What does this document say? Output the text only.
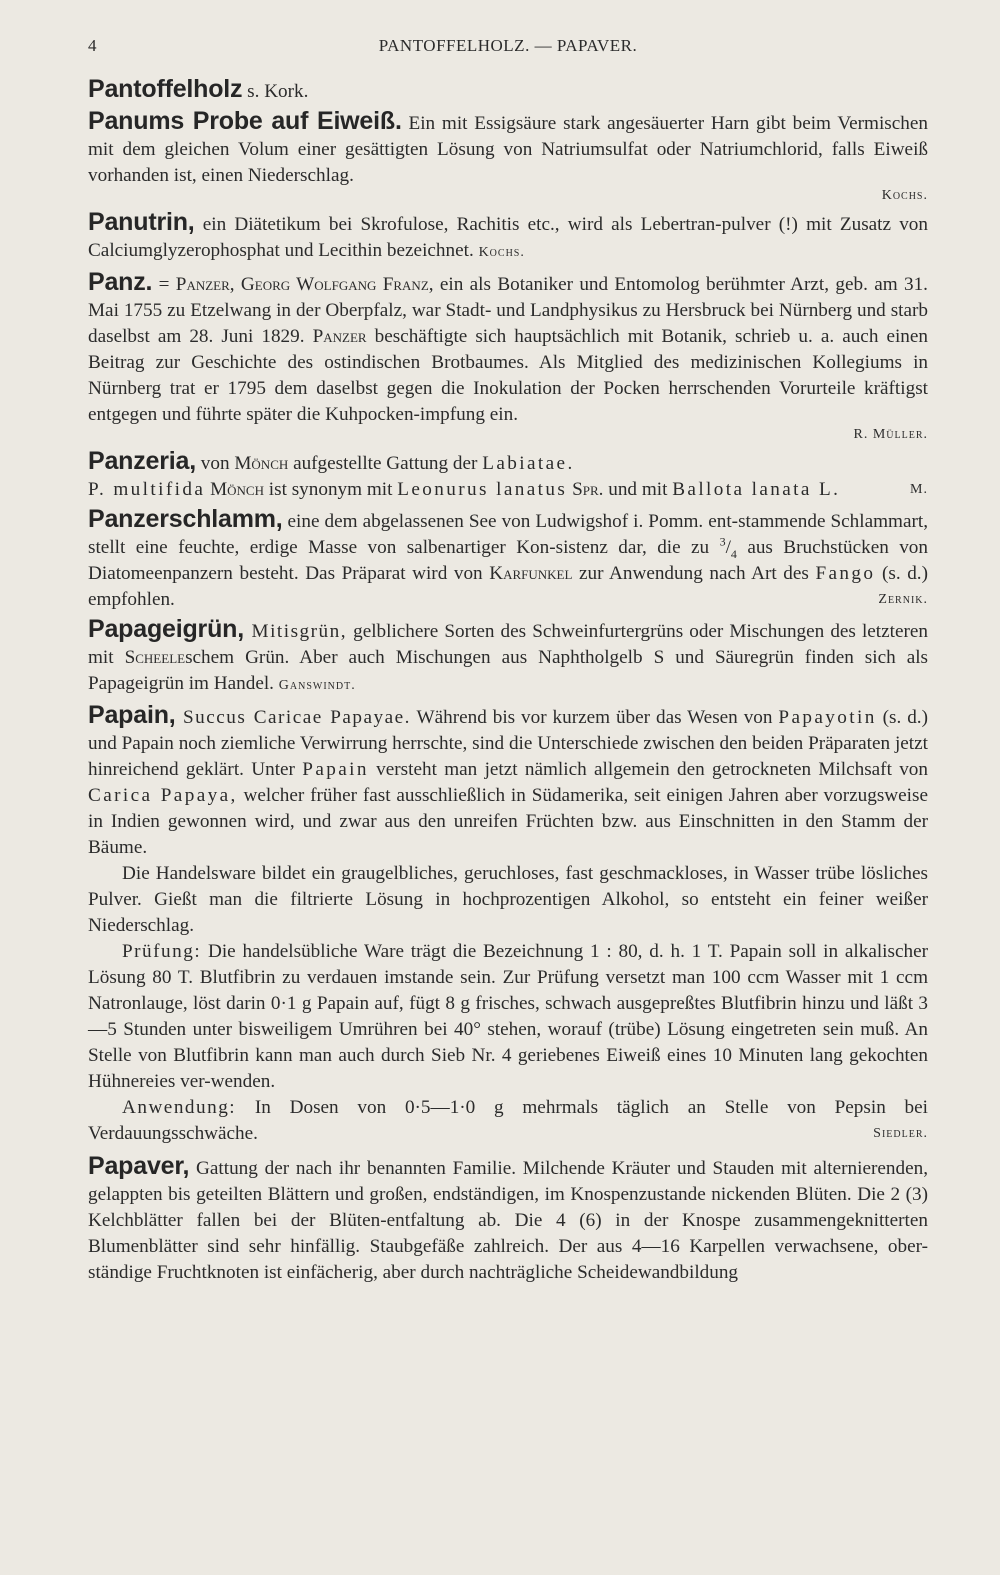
4	PANTOFFELHOLZ. — PAPAVER.

Pantoffelholz s. Kork.

Panums Probe auf Eiweiß. Ein mit Essigsäure stark angesäuerter Harn gibt beim Vermischen mit dem gleichen Volum einer gesättigten Lösung von Natriumsulfat oder Natriumchlorid, falls Eiweiß vorhanden ist, einen Niederschlag.

Kochs.

Panutrin, ein Diätetikum bei Skrofulose, Rachitis etc., wird als Lebertran-pulver (!) mit Zusatz von Calciumglyzerophosphat und Lecithin bezeichnet. Kochs.

Panz. = Panzer, Georg Wolfgang Franz, ein als Botaniker und Entomolog berühmter Arzt, geb. am 31. Mai 1755 zu Etzelwang in der Oberpfalz, war Stadt- und Landphysikus zu Hersbruck bei Nürnberg und starb daselbst am 28. Juni 1829. Panzer beschäftigte sich hauptsächlich mit Botanik, schrieb u. a. auch einen Beitrag zur Geschichte des ostindischen Brotbaumes. Als Mitglied des medizinischen Kollegiums in Nürnberg trat er 1795 dem daselbst gegen die Inokulation der Pocken herrschenden Vorurteile kräftigst entgegen und führte später die Kuhpocken-impfung ein.

R. Müller.

Panzeria, von Mönch aufgestellte Gattung der Labiatae.

P. multifida Mönch ist synonym mit Leonurus lanatus Spr. und mit Ballota lanata L.	M.

Panzerschlamm, eine dem abgelassenen See von Ludwigshof i. Pomm. ent-stammende Schlammart, stellt eine feuchte, erdige Masse von salbenartiger Kon-sistenz dar, die zu $^3/_4$ aus Bruchstücken von Diatomeenpanzern besteht. Das Präparat wird von Karfunkel zur Anwendung nach Art des Fango (s. d.) empfohlen.	Zernik.

Papageigrün, Mitisgrün, gelblichere Sorten des Schweinfurtergrüns oder Mischungen des letzteren mit Scheeleschem Grün. Aber auch Mischungen aus Naphtholgelb S und Säuregrün finden sich als Papageigrün im Handel. Ganswindt.

Papain, Succus Caricae Papayae. Während bis vor kurzem über das Wesen von Papayotin (s. d.) und Papain noch ziemliche Verwirrung herrschte, sind die Unterschiede zwischen den beiden Präparaten jetzt hinreichend geklärt. Unter Papain versteht man jetzt nämlich allgemein den getrockneten Milchsaft von Carica Papaya, welcher früher fast ausschließlich in Südamerika, seit einigen Jahren aber vorzugsweise in Indien gewonnen wird, und zwar aus den unreifen Früchten bzw. aus Einschnitten in den Stamm der Bäume.

Die Handelsware bildet ein graugelbliches, geruchloses, fast geschmackloses, in Wasser trübe lösliches Pulver. Gießt man die filtrierte Lösung in hochprozentigen Alkohol, so entsteht ein feiner weißer Niederschlag.

Prüfung: Die handelsübliche Ware trägt die Bezeichnung 1 : 80, d. h. 1 T. Papain soll in alkalischer Lösung 80 T. Blutfibrin zu verdauen imstande sein. Zur Prüfung versetzt man 100 ccm Wasser mit 1 ccm Natronlauge, löst darin 0·1 g Papain auf, fügt 8 g frisches, schwach ausgepreßtes Blutfibrin hinzu und läßt 3—5 Stunden unter bisweiligem Umrühren bei 40° stehen, worauf (trübe) Lösung eingetreten sein muß. An Stelle von Blutfibrin kann man auch durch Sieb Nr. 4 geriebenes Eiweiß eines 10 Minuten lang gekochten Hühnereies ver-wenden.

Anwendung: In Dosen von 0·5—1·0 g mehrmals täglich an Stelle von Pepsin bei Verdauungsschwäche.	Siedler.

Papaver, Gattung der nach ihr benannten Familie. Milchende Kräuter und Stauden mit alternierenden, gelappten bis geteilten Blättern und großen, endständigen, im Knospenzustande nickenden Blüten. Die 2 (3) Kelchblätter fallen bei der Blüten-entfaltung ab. Die 4 (6) in der Knospe zusammengeknitterten Blumenblätter sind sehr hinfällig. Staubgefäße zahlreich. Der aus 4—16 Karpellen verwachsene, ober-ständige Fruchtknoten ist einfächerig, aber durch nachträgliche Scheidewandbildung
